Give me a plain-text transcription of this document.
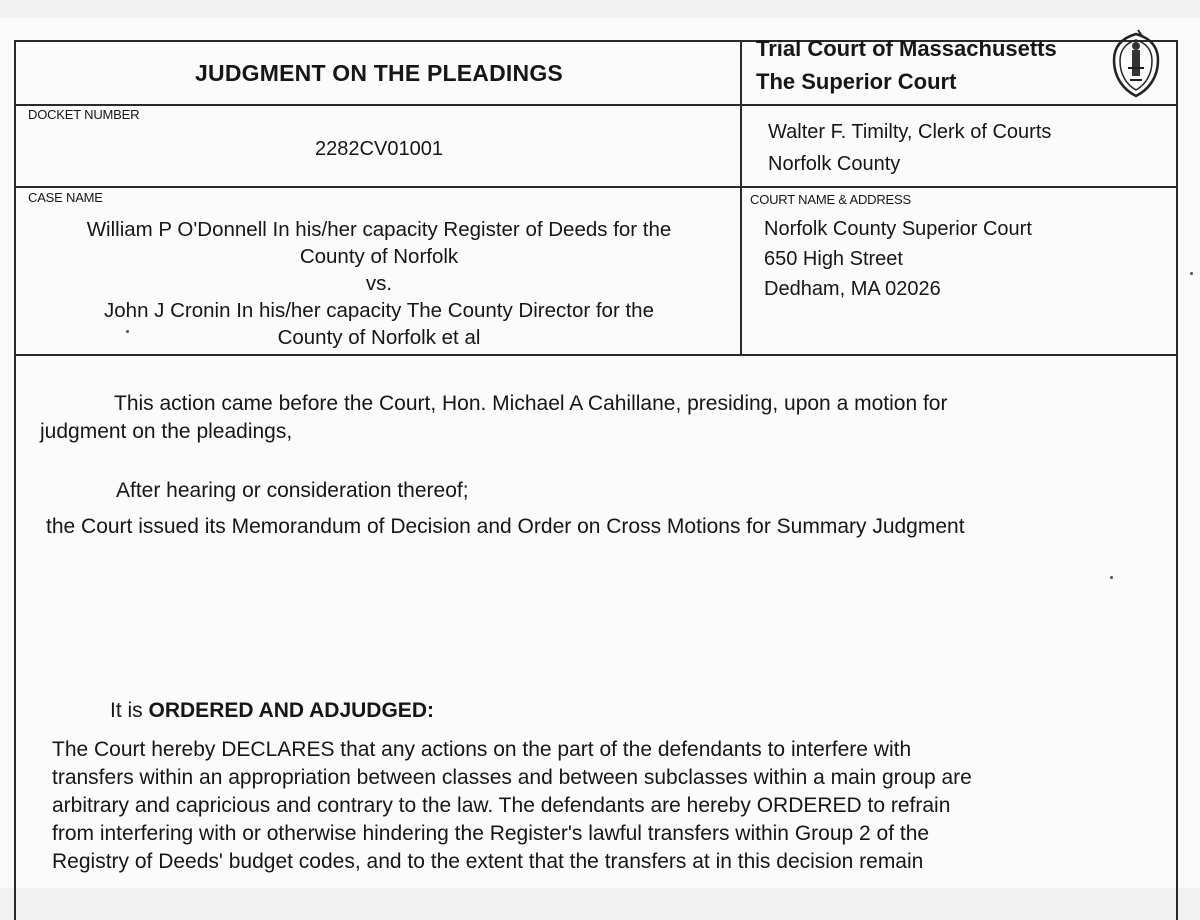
JUDGMENT ON THE PLEADINGS
Trial Court of Massachusetts
The Superior Court
DOCKET NUMBER
2282CV01001
Walter F. Timilty, Clerk of Courts
Norfolk County
CASE NAME
William P O'Donnell In his/her capacity Register of Deeds for the
County of Norfolk
vs.
John J Cronin In his/her capacity The County Director for the
County of Norfolk et al
COURT NAME & ADDRESS
Norfolk County Superior Court
650 High Street
Dedham, MA 02026
This action came before the Court, Hon. Michael A Cahillane, presiding, upon a motion for
judgment on the pleadings,
After hearing or consideration thereof;
the Court issued its Memorandum of Decision and Order on Cross Motions for Summary Judgment
It is ORDERED AND ADJUDGED:
The Court hereby DECLARES that any actions on the part of the defendants to interfere with
transfers within an appropriation between classes and between subclasses within a main group are
arbitrary and capricious and contrary to the law. The defendants are hereby ORDERED to refrain
from interfering with or otherwise hindering the Register's lawful transfers within Group 2 of the
Registry of Deeds' budget codes, and to the extent that the transfers at in this decision remain
